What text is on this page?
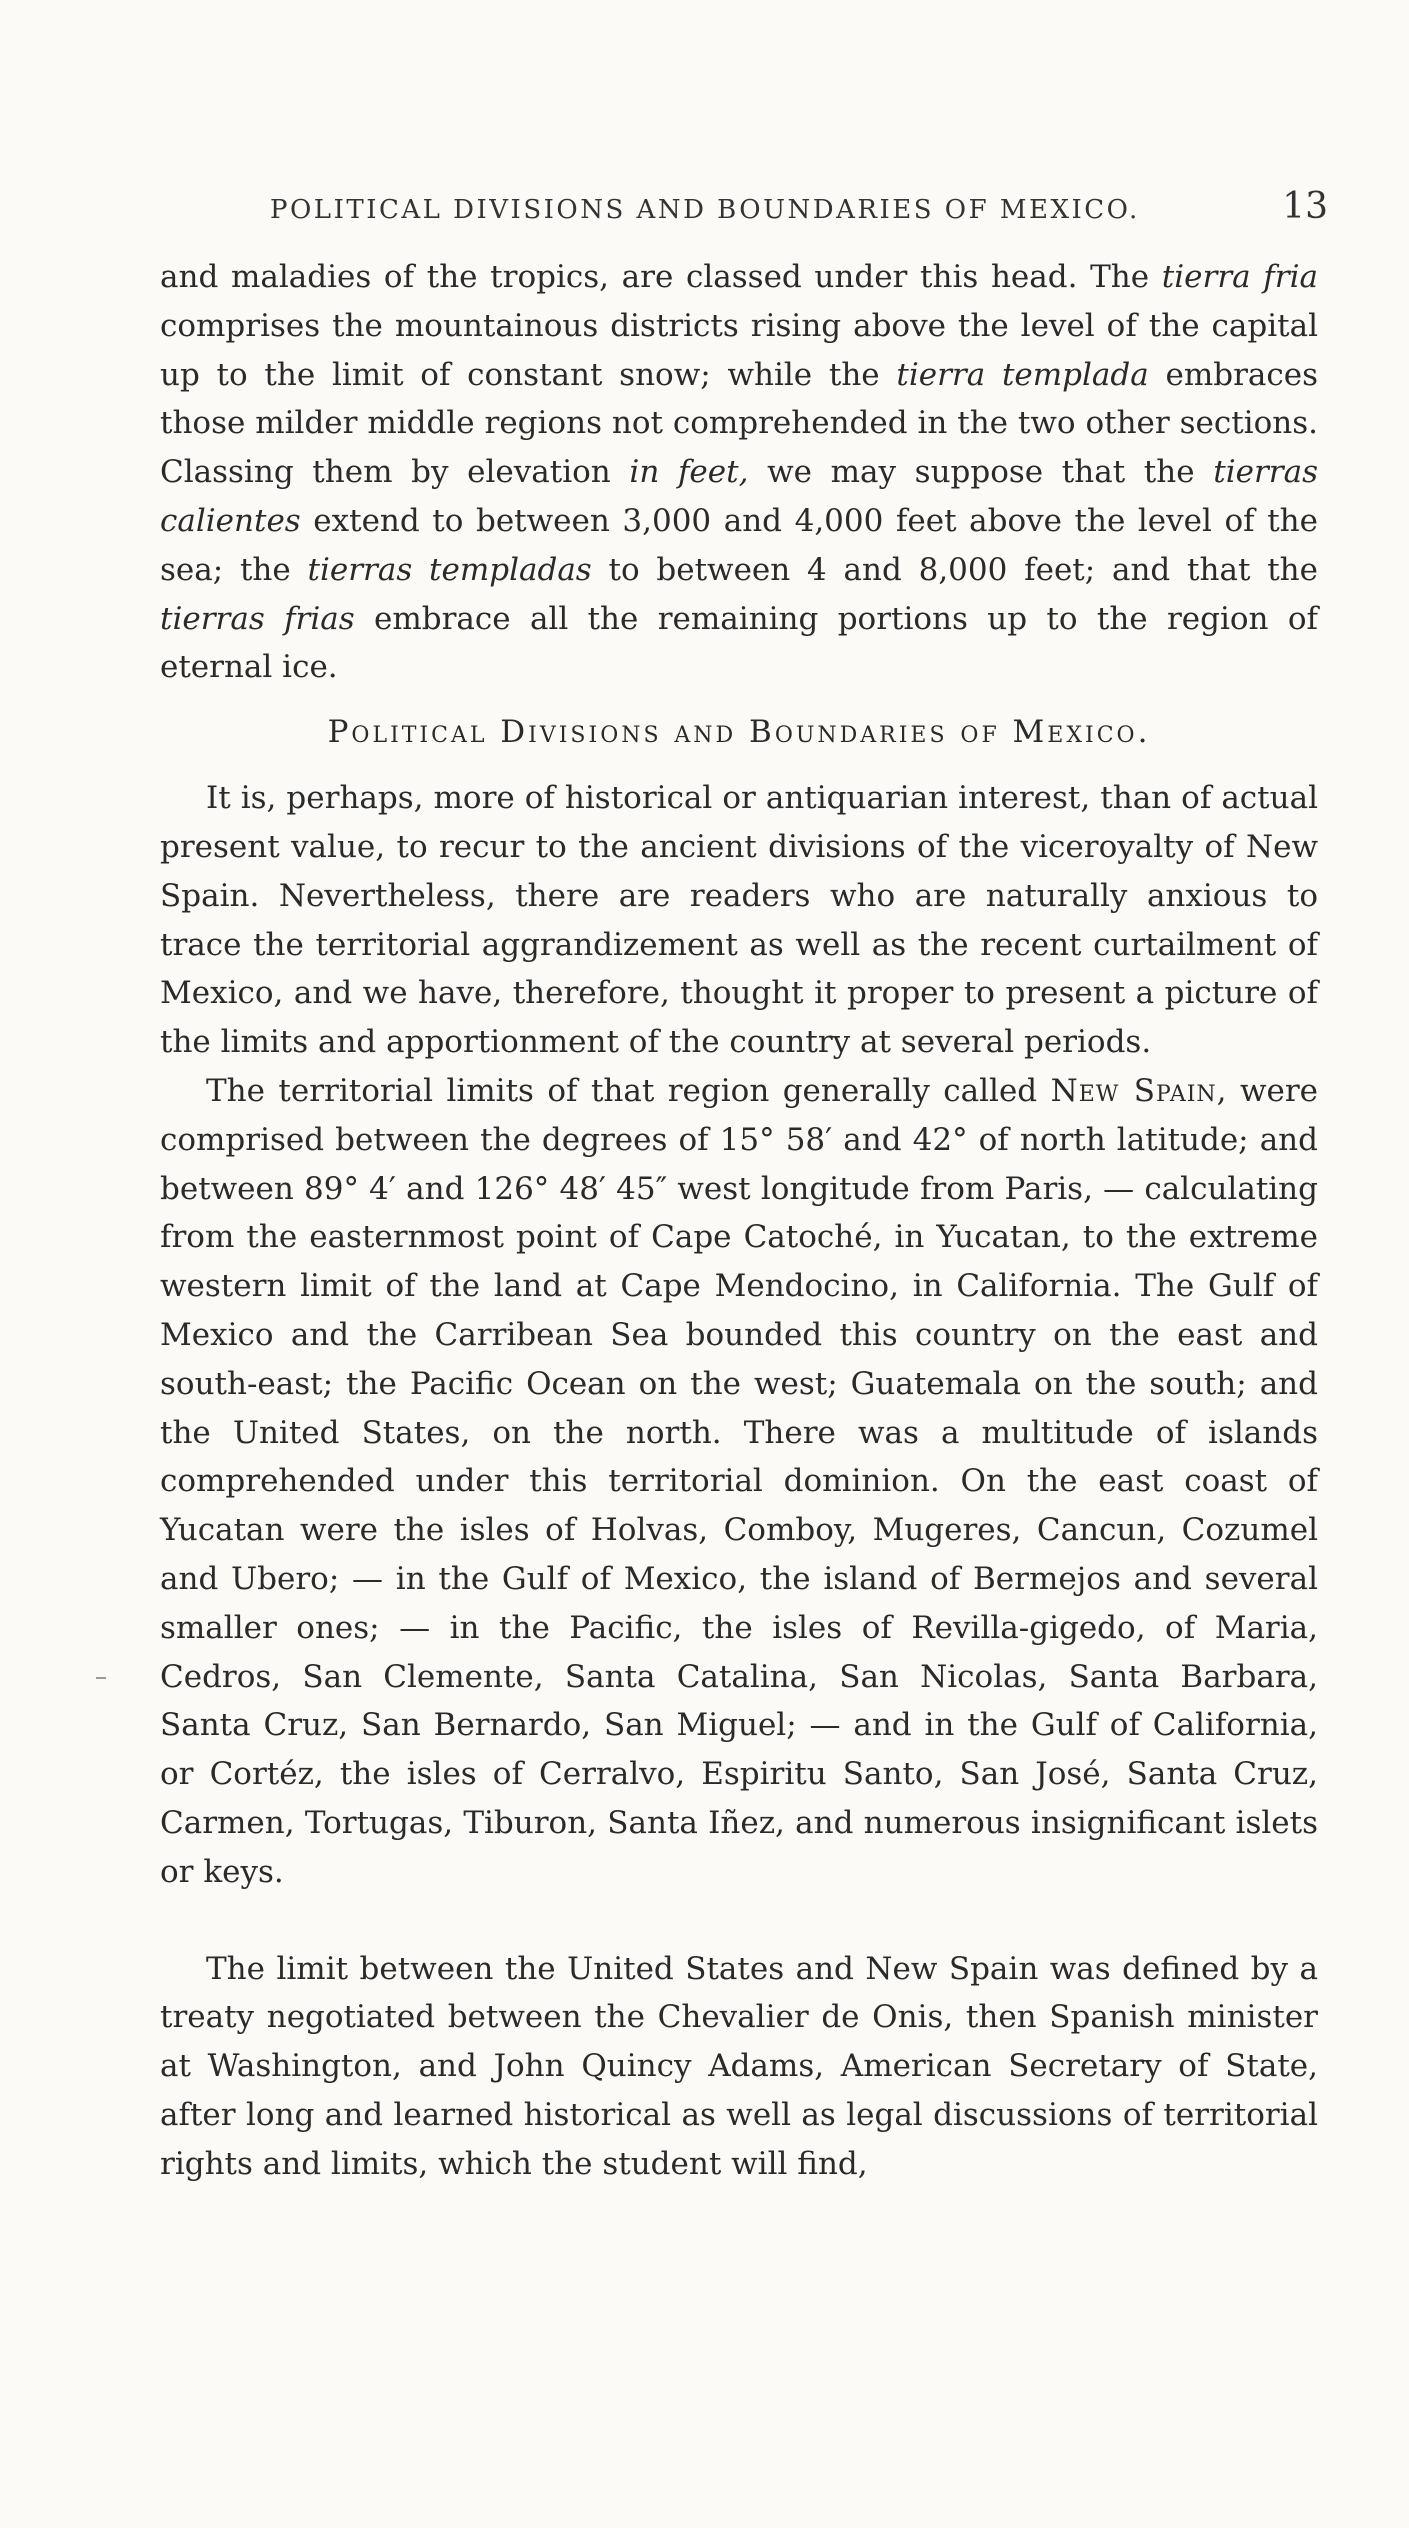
POLITICAL DIVISIONS AND BOUNDARIES OF MEXICO.	13

and maladies of the tropics, are classed under this head. The tierra fria comprises the mountainous districts rising above the level of the capital up to the limit of constant snow; while the tierra templada embraces those milder middle regions not comprehended in the two other sections. Classing them by elevation in feet, we may suppose that the tierras calientes extend to between 3,000 and 4,000 feet above the level of the sea; the tierras templadas to between 4 and 8,000 feet; and that the tierras frias embrace all the remaining portions up to the region of eternal ice.

Political Divisions and Boundaries of Mexico.

It is, perhaps, more of historical or antiquarian interest, than of actual present value, to recur to the ancient divisions of the viceroyalty of New Spain. Nevertheless, there are readers who are naturally anxious to trace the territorial aggrandizement as well as the recent curtailment of Mexico, and we have, therefore, thought it proper to present a picture of the limits and apportionment of the country at several periods.

The territorial limits of that region generally called New Spain, were comprised between the degrees of 15° 58′ and 42° of north latitude; and between 89° 4′ and 126° 48′ 45″ west longitude from Paris, — calculating from the easternmost point of Cape Catoché, in Yucatan, to the extreme western limit of the land at Cape Mendocino, in California. The Gulf of Mexico and the Carribean Sea bounded this country on the east and south-east; the Pacific Ocean on the west; Guatemala on the south; and the United States, on the north. There was a multitude of islands comprehended under this territorial dominion. On the east coast of Yucatan were the isles of Holvas, Comboy, Mugeres, Cancun, Cozumel and Ubero; — in the Gulf of Mexico, the island of Bermejos and several smaller ones; — in the Pacific, the isles of Revilla-gigedo, of Maria, Cedros, San Clemente, Santa Catalina, San Nicolas, Santa Barbara, Santa Cruz, San Bernardo, San Miguel; — and in the Gulf of California, or Cortéz, the isles of Cerralvo, Espiritu Santo, San José, Santa Cruz, Carmen, Tortugas, Tiburon, Santa Iñez, and numerous insignificant islets or keys.

The limit between the United States and New Spain was defined by a treaty negotiated between the Chevalier de Onis, then Spanish minister at Washington, and John Quincy Adams, American Secretary of State, after long and learned historical as well as legal discussions of territorial rights and limits, which the student will find,
